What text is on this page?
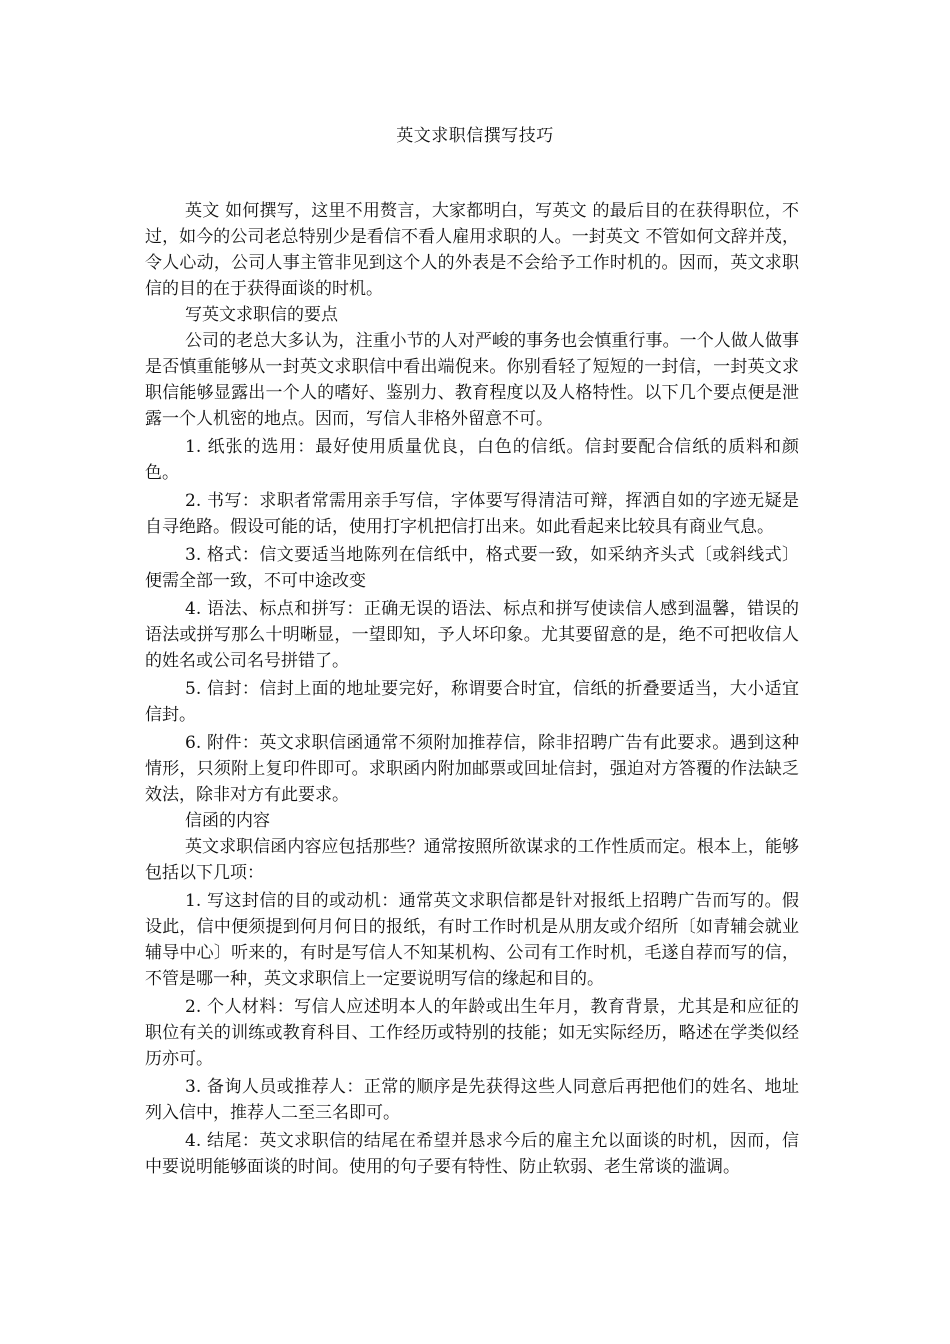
英文求职信撰写技巧

英文 如何撰写，这里不用赘言，大家都明白，写英文 的最后目的在获得职位，不过，如今的公司老总特别少是看信不看人雇用求职的人。一封英文 不管如何文辞并茂，令人心动，公司人事主管非见到这个人的外表是不会给予工作时机的。因而，英文求职信的目的在于获得面谈的时机。

写英文求职信的要点

公司的老总大多认为，注重小节的人对严峻的事务也会慎重行事。一个人做人做事是否慎重能够从一封英文求职信中看出端倪来。你别看轻了短短的一封信，一封英文求职信能够显露出一个人的嗜好、鉴别力、教育程度以及人格特性。以下几个要点便是泄露一个人机密的地点。因而，写信人非格外留意不可。

1. 纸张的选用：最好使用质量优良，白色的信纸。信封要配合信纸的质料和颜色。

2. 书写：求职者常需用亲手写信，字体要写得清洁可辩，挥洒自如的字迹无疑是自寻绝路。假设可能的话，使用打字机把信打出来。如此看起来比较具有商业气息。

3. 格式：信文要适当地陈列在信纸中，格式要一致，如采纳齐头式〔或斜线式〕便需全部一致，不可中途改变

4. 语法、标点和拼写：正确无误的语法、标点和拼写使读信人感到温馨，错误的语法或拼写那么十明晰显，一望即知，予人坏印象。尤其要留意的是，绝不可把收信人的姓名或公司名号拼错了。

5. 信封：信封上面的地址要完好，称谓要合时宜，信纸的折叠要适当，大小适宜信封。

6. 附件：英文求职信函通常不须附加推荐信，除非招聘广告有此要求。遇到这种情形，只须附上复印件即可。求职函内附加邮票或回址信封，强迫对方答覆的作法缺乏效法，除非对方有此要求。

信函的内容

英文求职信函内容应包括那些？通常按照所欲谋求的工作性质而定。根本上，能够包括以下几项：

1. 写这封信的目的或动机：通常英文求职信都是针对报纸上招聘广告而写的。假设此，信中便须提到何月何日的报纸，有时工作时机是从朋友或介绍所〔如青辅会就业辅导中心〕听来的，有时是写信人不知某机构、公司有工作时机，毛遂自荐而写的信，不管是哪一种，英文求职信上一定要说明写信的缘起和目的。

2. 个人材料：写信人应述明本人的年龄或出生年月，教育背景，尤其是和应征的职位有关的训练或教育科目、工作经历或特别的技能；如无实际经历，略述在学类似经历亦可。

3. 备询人员或推荐人：正常的顺序是先获得这些人同意后再把他们的姓名、地址列入信中，推荐人二至三名即可。

4. 结尾：英文求职信的结尾在希望并恳求今后的雇主允以面谈的时机，因而，信中要说明能够面谈的时间。使用的句子要有特性、防止软弱、老生常谈的滥调。
